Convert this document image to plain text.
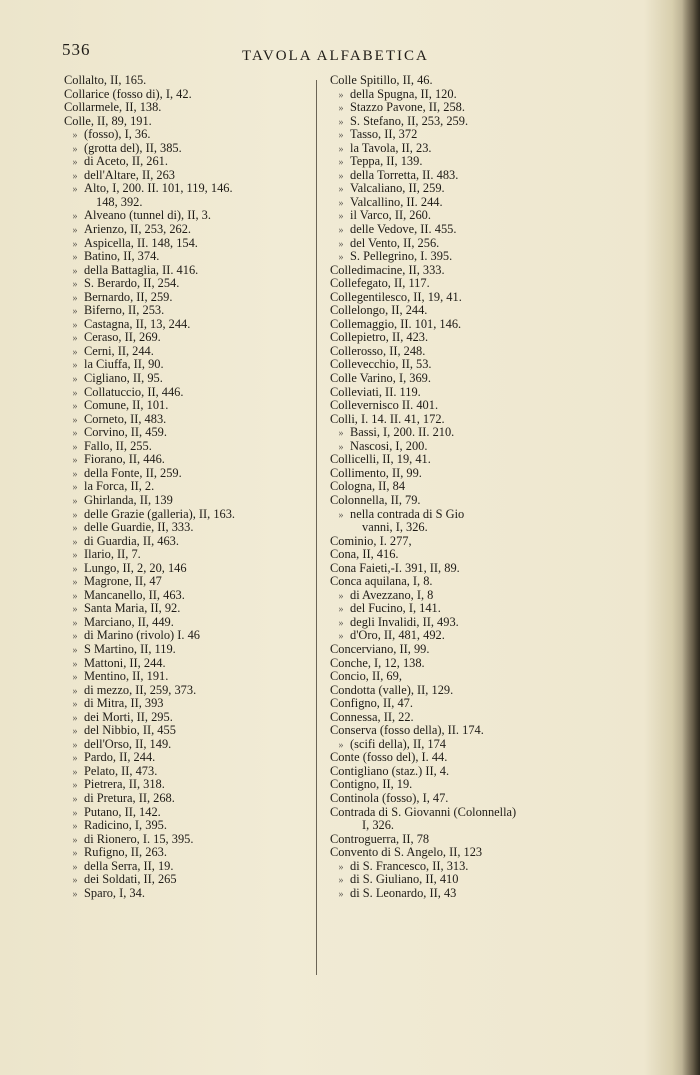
536	TAVOLA ALFABETICA
Collalto, II, 165.
Collarice (fosso di), I, 42.
Collarmele, II, 138.
Colle, II, 89, 191.
» (fosso), I, 36.
» (grotta del), II, 385.
» di Aceto, II, 261.
» dell'Altare, II, 263
» Alto, I, 200. II. 101, 119, 146.
148, 392.
» Alveano (tunnel di), II, 3.
» Arienzo, II, 253, 262.
» Aspicella, II. 148, 154.
» Batino, II, 374.
» della Battaglia, II. 416.
» S. Berardo, II, 254.
» Bernardo, II, 259.
» Biferno, II, 253.
» Castagna, II, 13, 244.
» Ceraso, II, 269.
» Cerni, II, 244.
» la Ciuffa, II, 90.
» Cigliano, II, 95.
» Collatuccio, II, 446.
» Comune, II, 101.
» Corneto, II, 483.
» Corvino, II, 459.
» Fallo, II, 255.
» Fiorano, II, 446.
» della Fonte, II, 259.
» la Forca, II, 2.
» Ghirlanda, II, 139
» delle Grazie (galleria), II, 163.
» delle Guardie, II, 333.
» di Guardia, II, 463.
» Ilario, II, 7.
» Lungo, II, 2, 20, 146
» Magrone, II, 47
» Mancanello, II, 463.
» Santa Maria, II, 92.
» Marciano, II, 449.
» di Marino (rivolo) I. 46
» S Martino, II, 119.
» Mattoni, II, 244.
» Mentino, II, 191.
» di mezzo, II, 259, 373.
» di Mitra, II, 393
» dei Morti, II, 295.
» del Nibbio, II, 455
» dell'Orso, II, 149.
» Pardo, II, 244.
» Pelato, II, 473.
» Pietrera, II, 318.
» di Pretura, II, 268.
» Putano, II, 142.
» Radicino, I, 395.
» di Rionero, I. 15, 395.
» Rufigno, II, 263.
» della Serra, II, 19.
» dei Soldati, II, 265
» Sparo, I, 34.
Colle Spitillo, II, 46.
» della Spugna, II, 120.
» Stazzo Pavone, II, 258.
» S. Stefano, II, 253, 259.
» Tasso, II, 372
» la Tavola, II, 23.
» Teppa, II, 139.
» della Torretta, II. 483.
» Valcaliano, II, 259.
» Valcallino, II. 244.
» il Varco, II, 260.
» delle Vedove, II. 455.
» del Vento, II, 256.
» S. Pellegrino, I. 395.
Colledimacine, II, 333.
Collefegato, II, 117.
Collegentilesco, II, 19, 41.
Collelongo, II, 244.
Collemaggio, II. 101, 146.
Collepietro, II, 423.
Collerosso, II, 248.
Collevecchio, II, 53.
Colle Varino, I, 369.
Colleviati, II. 119.
Collevernisco II. 401.
Colli, I. 14. II. 41, 172.
» Bassi, I, 200. II. 210.
» Nascosi, I, 200.
Collicelli, II, 19, 41.
Collimento, II, 99.
Cologna, II, 84
Colonnella, II, 79.
» nella contrada di S Gio
vanni, I, 326.
Cominio, I. 277,
Cona, II, 416.
Cona Faieti,-I. 391, II, 89.
Conca aquilana, I, 8.
» di Avezzano, I, 8
» del Fucino, I, 141.
» degli Invalidi, II, 493.
» d'Oro, II, 481, 492.
Concerviano, II, 99.
Conche, I, 12, 138.
Concio, II, 69,
Condotta (valle), II, 129.
Configno, II, 47.
Connessa, II, 22.
Conserva (fosso della), II. 174.
» (scifi della), II, 174
Conte (fosso del), I. 44.
Contigliano (staz.) II, 4.
Contigno, II, 19.
Continola (fosso), I, 47.
Contrada di S. Giovanni (Colonnella)
I, 326.
Controguerra, II, 78
Convento di S. Angelo, II, 123
» di S. Francesco, II, 313.
» di S. Giuliano, II, 410
» di S. Leonardo, II, 43
